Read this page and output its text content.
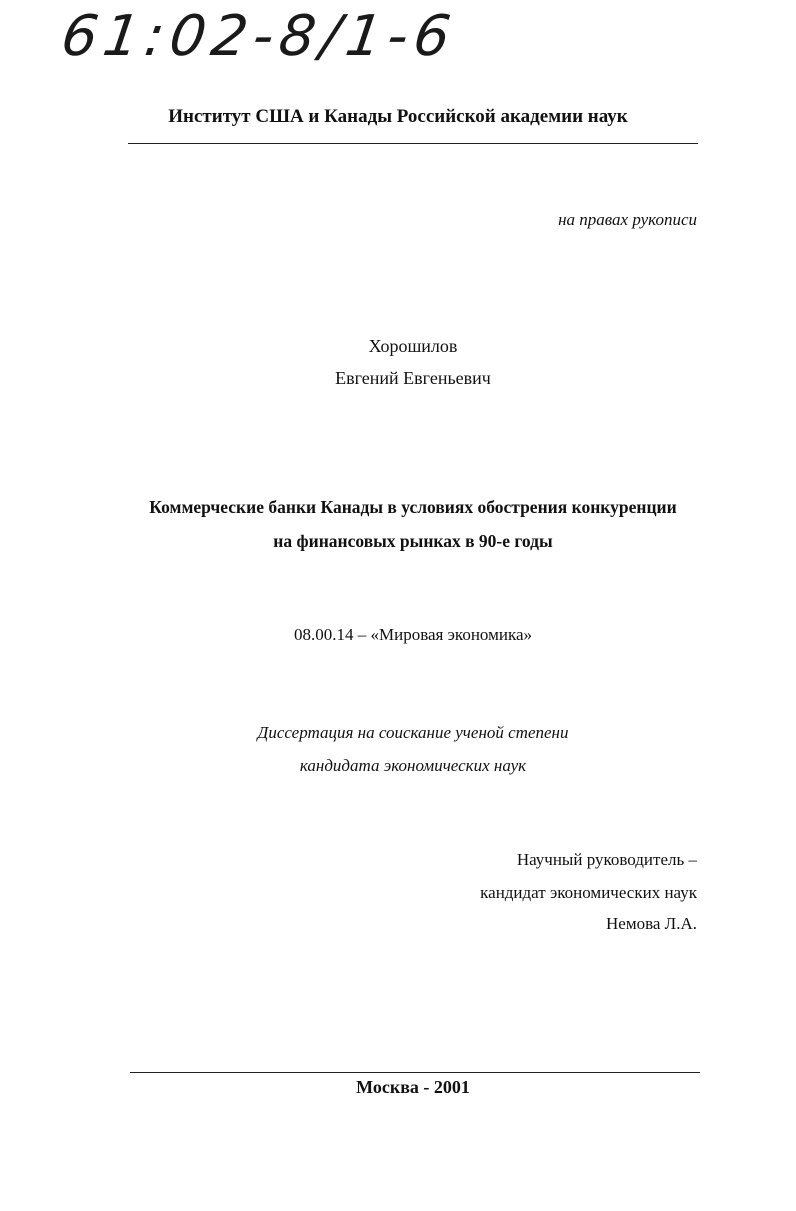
61:02-8/1-6
Институт США и Канады Российской академии наук
на правах рукописи
Хорошилов
Евгений Евгеньевич
Коммерческие банки Канады в условиях обострения конкуренции
на финансовых рынках в 90-е годы
08.00.14 – «Мировая экономика»
Диссертация на соискание ученой степени
кандидата экономических наук
Научный руководитель –
кандидат экономических наук
Немова Л.А.
Москва - 2001
